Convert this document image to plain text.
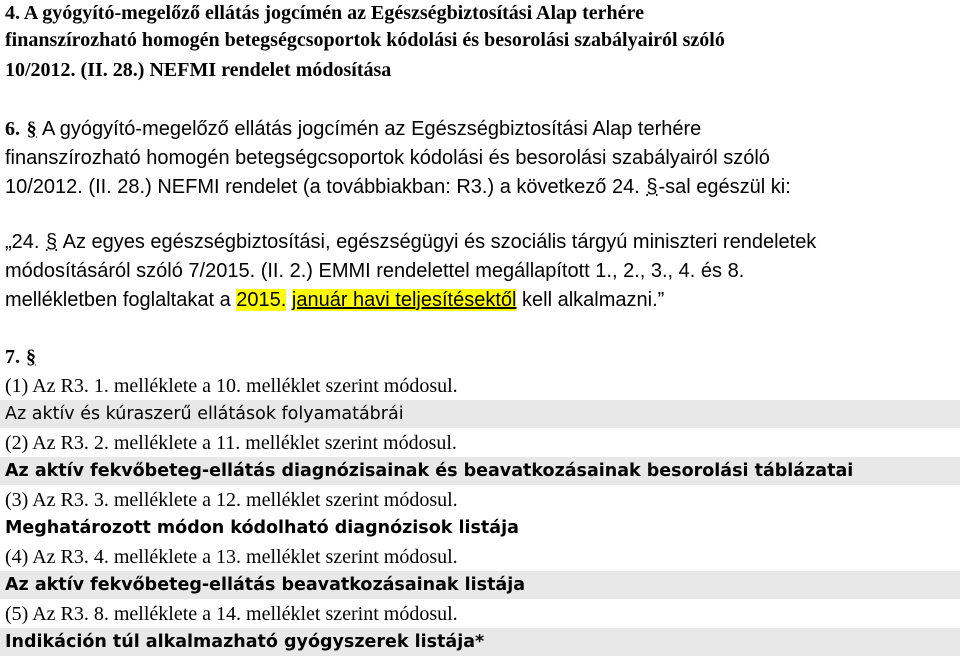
4. A gyógyító-megelőző ellátás jogcímén az Egészségbiztosítási Alap terhére
finanszírozható homogén betegségcsoportok kódolási és besorolási szabályairól szóló
10/2012. (II. 28.) NEFMI rendelet módosítása
6. § A gyógyító-megelőző ellátás jogcímén az Egészségbiztosítási Alap terhére
finanszírozható homogén betegségcsoportok kódolási és besorolási szabályairól szóló
10/2012. (II. 28.) NEFMI rendelet (a továbbiakban: R3.) a következő 24. §-sal egészül ki:
„24. § Az egyes egészségbiztosítási, egészségügyi és szociális tárgyú miniszteri rendeletek
módosításáról szóló 7/2015. (II. 2.) EMMI rendelettel megállapított 1., 2., 3., 4. és 8.
mellékletben foglaltakat a 2015. január havi teljesítésektől kell alkalmazni.”
7. §
(1) Az R3. 1. melléklete a 10. melléklet szerint módosul.
Az aktív és kúraszerű ellátások folyamatábrái
(2) Az R3. 2. melléklete a 11. melléklet szerint módosul.
Az aktív fekvőbeteg-ellátás diagnózisainak és beavatkozásainak besorolási táblázatai
(3) Az R3. 3. melléklete a 12. melléklet szerint módosul.
Meghatározott módon kódolható diagnózisok listája
(4) Az R3. 4. melléklete a 13. melléklet szerint módosul.
Az aktív fekvőbeteg-ellátás beavatkozásainak listája
(5) Az R3. 8. melléklete a 14. melléklet szerint módosul.
Indikáción túl alkalmazható gyógyszerek listája*
